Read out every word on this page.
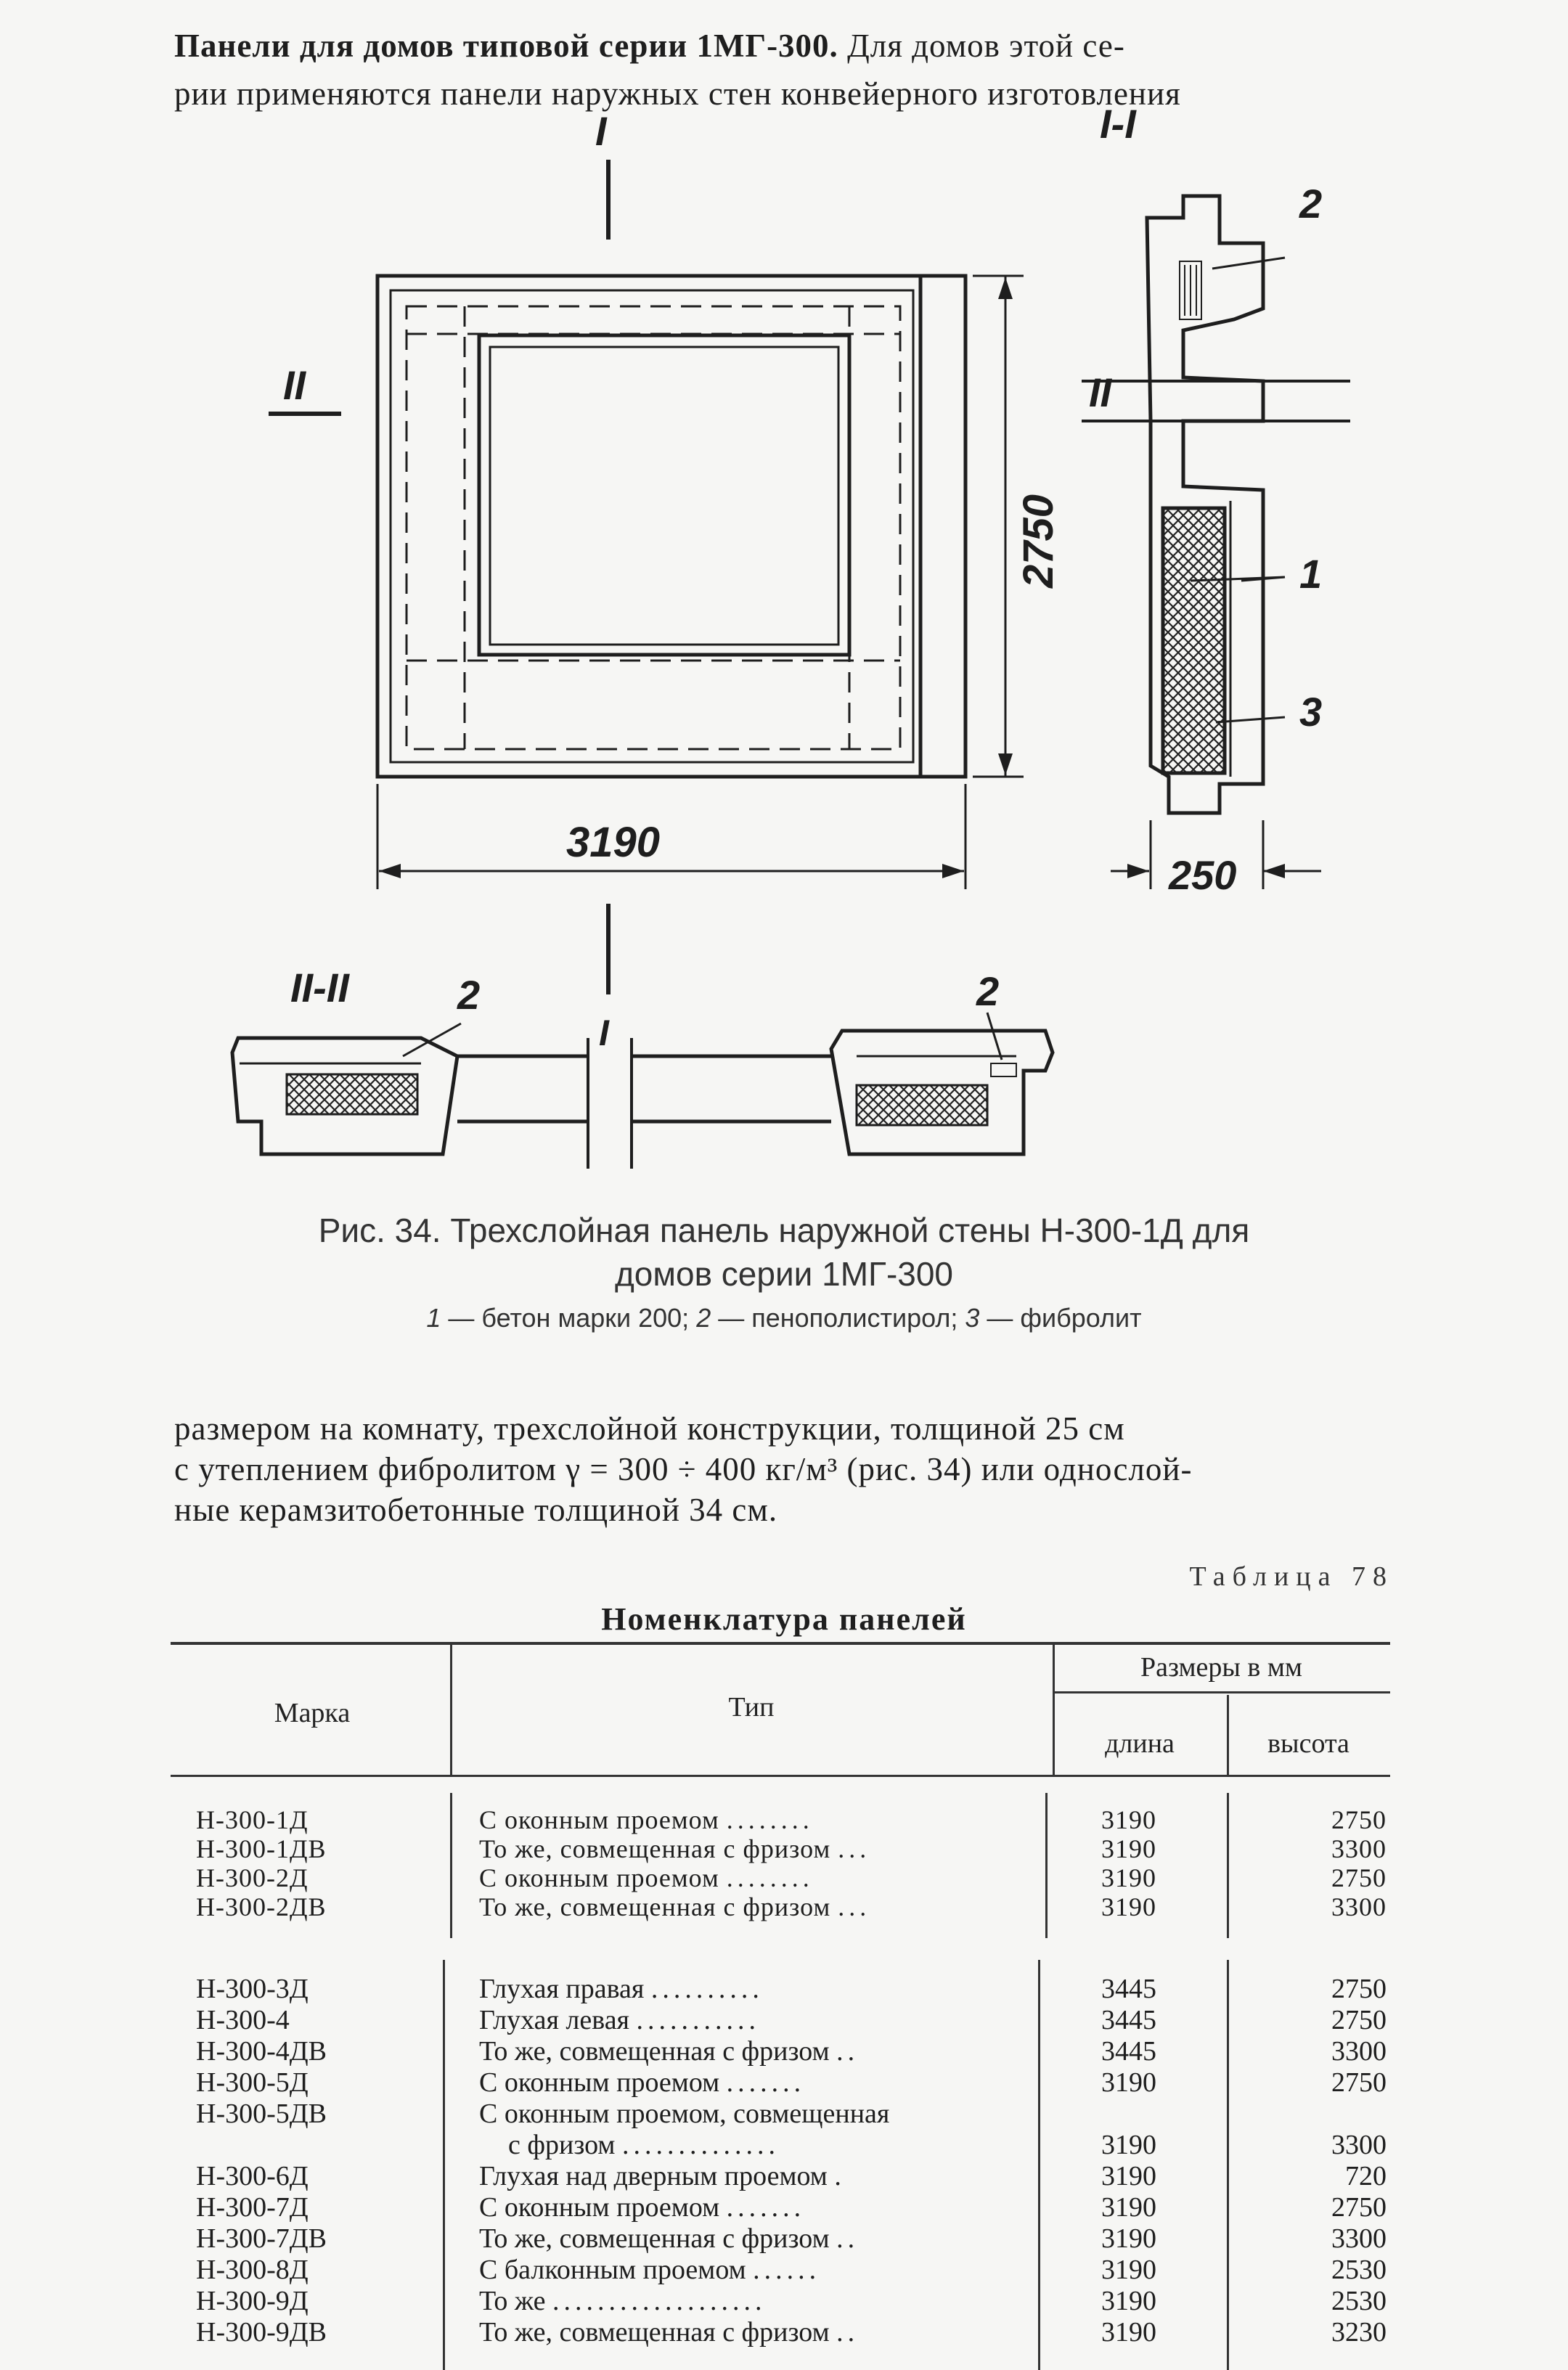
Панели для домов типовой серии 1МГ-300. Для домов этой се-
рии применяются панели наружных стен конвейерного изготовления
I
II
I-I
II
2
1
3
3190
250
II-II	2	2
I
2750
Рис. 34. Трехслойная панель наружной стены Н-300-1Д для
домов серии 1МГ-300
1 — бетон марки 200; 2 — пенополистирол; 3 — фибролит
размером на комнату, трехслойной конструкции, толщиной 25 см
с утеплением фибролитом γ = 300 ÷ 400 кг/м³ (рис. 34) или однослой-
ные керамзитобетонные толщиной 34 см.
Таблица 78
Номенклатура панелей
Марка	Тип
Размеры в мм
длина	высота
Н-300-1Д	С оконным проемом ........	3190	2750
Н-300-1ДВ	То же, совмещенная с фризом ...	3190	3300
Н-300-2Д	С оконным проемом ........	3190	2750
Н-300-2ДВ	То же, совмещенная с фризом ...	3190	3300
Н-300-3Д	Глухая правая ..........	3445	2750
Н-300-4	Глухая левая ...........	3445	2750
Н-300-4ДВ	То же, совмещенная с фризом ..	3445	3300
Н-300-5Д	С оконным проемом .......	3190	2750
Н-300-5ДВ	С оконным проемом, совмещенная
с фризом ..............	3190	3300
Н-300-6Д	Глухая над дверным проемом .	3190	720
Н-300-7Д	С оконным проемом .......	3190	2750
Н-300-7ДВ	То же, совмещенная с фризом ..	3190	3300
Н-300-8Д	С балконным проемом ......	3190	2530
Н-300-9Д	То же ...................	3190	2530
Н-300-9ДВ	То же, совмещенная с фризом ..	3190	3230
